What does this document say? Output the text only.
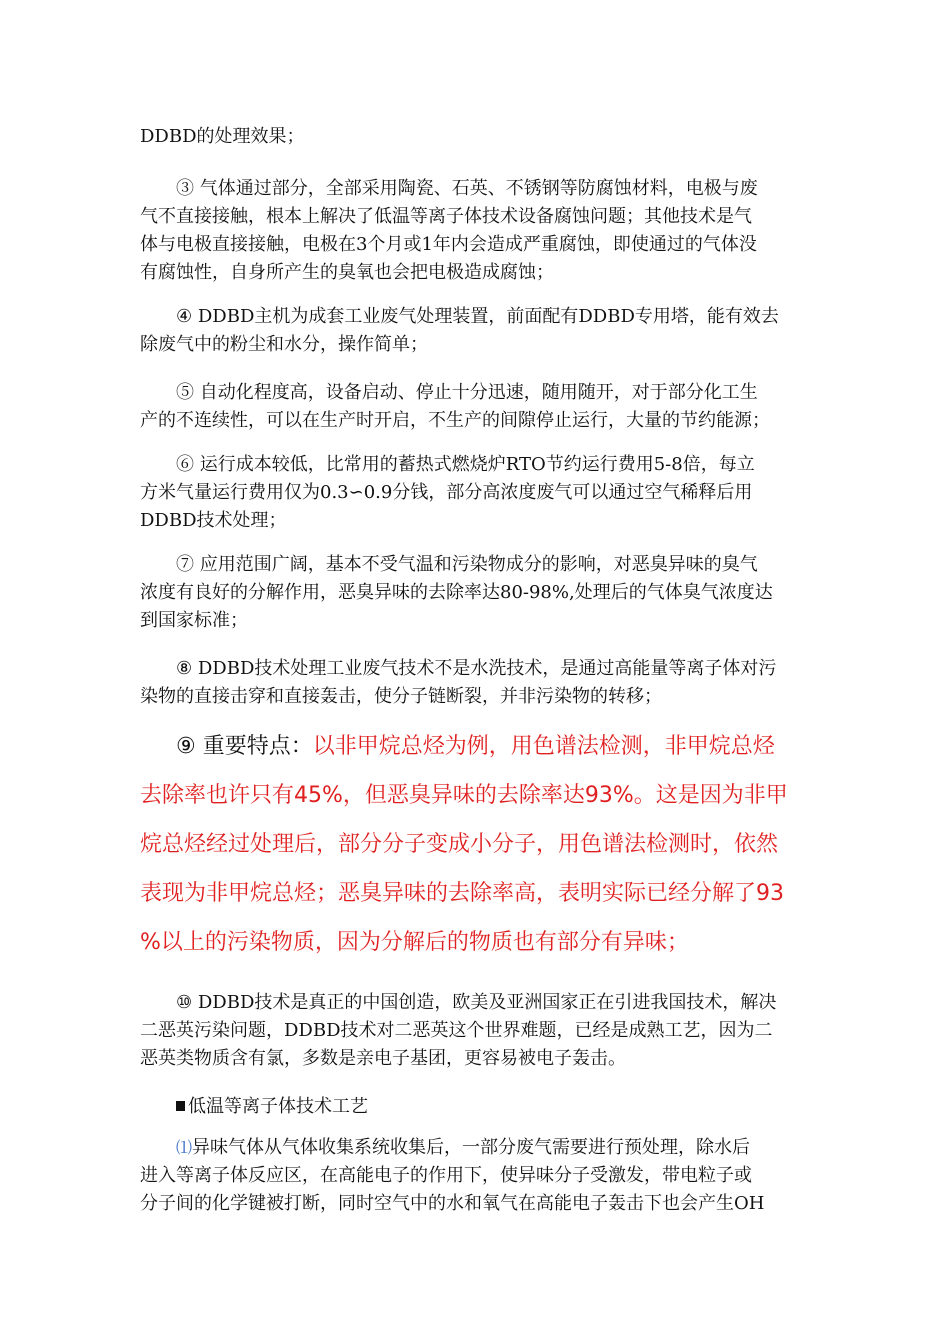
DDBD的处理效果；

③ 气体通过部分，全部采用陶瓷、石英、不锈钢等防腐蚀材料，电极与废
气不直接接触，根本上解决了低温等离子体技术设备腐蚀问题；其他技术是气
体与电极直接接触，电极在3个月或1年内会造成严重腐蚀，即使通过的气体没
有腐蚀性，自身所产生的臭氧也会把电极造成腐蚀；

④ DDBD主机为成套工业废气处理装置，前面配有DDBD专用塔，能有效去
除废气中的粉尘和水分，操作简单；

⑤ 自动化程度高，设备启动、停止十分迅速，随用随开，对于部分化工生
产的不连续性，可以在生产时开启，不生产的间隙停止运行，大量的节约能源；

⑥ 运行成本较低，比常用的蓄热式燃烧炉RTO节约运行费用5-8倍，每立
方米气量运行费用仅为0.3∽0.9分钱，部分高浓度废气可以通过空气稀释后用
DDBD技术处理；

⑦ 应用范围广阔，基本不受气温和污染物成分的影响，对恶臭异味的臭气
浓度有良好的分解作用，恶臭异味的去除率达80-98%,处理后的气体臭气浓度达
到国家标准；

⑧ DDBD技术处理工业废气技术不是水洗技术，是通过高能量等离子体对污
染物的直接击穿和直接轰击，使分子链断裂，并非污染物的转移；

⑨ 重要特点：以非甲烷总烃为例，用色谱法检测，非甲烷总烃
去除率也许只有45%，但恶臭异味的去除率达93%。这是因为非甲
烷总烃经过处理后，部分分子变成小分子，用色谱法检测时，依然
表现为非甲烷总烃；恶臭异味的去除率高，表明实际已经分解了93
%以上的污染物质，因为分解后的物质也有部分有异味；

⑩ DDBD技术是真正的中国创造，欧美及亚洲国家正在引进我国技术，解决
二恶英污染问题，DDBD技术对二恶英这个世界难题，已经是成熟工艺，因为二
恶英类物质含有氯，多数是亲电子基团，更容易被电子轰击。

低温等离子体技术工艺

⑴异味气体从气体收集系统收集后，一部分废气需要进行预处理，除水后
进入等离子体反应区，在高能电子的作用下，使异味分子受激发，带电粒子或
分子间的化学键被打断，同时空气中的水和氧气在高能电子轰击下也会产生OH
